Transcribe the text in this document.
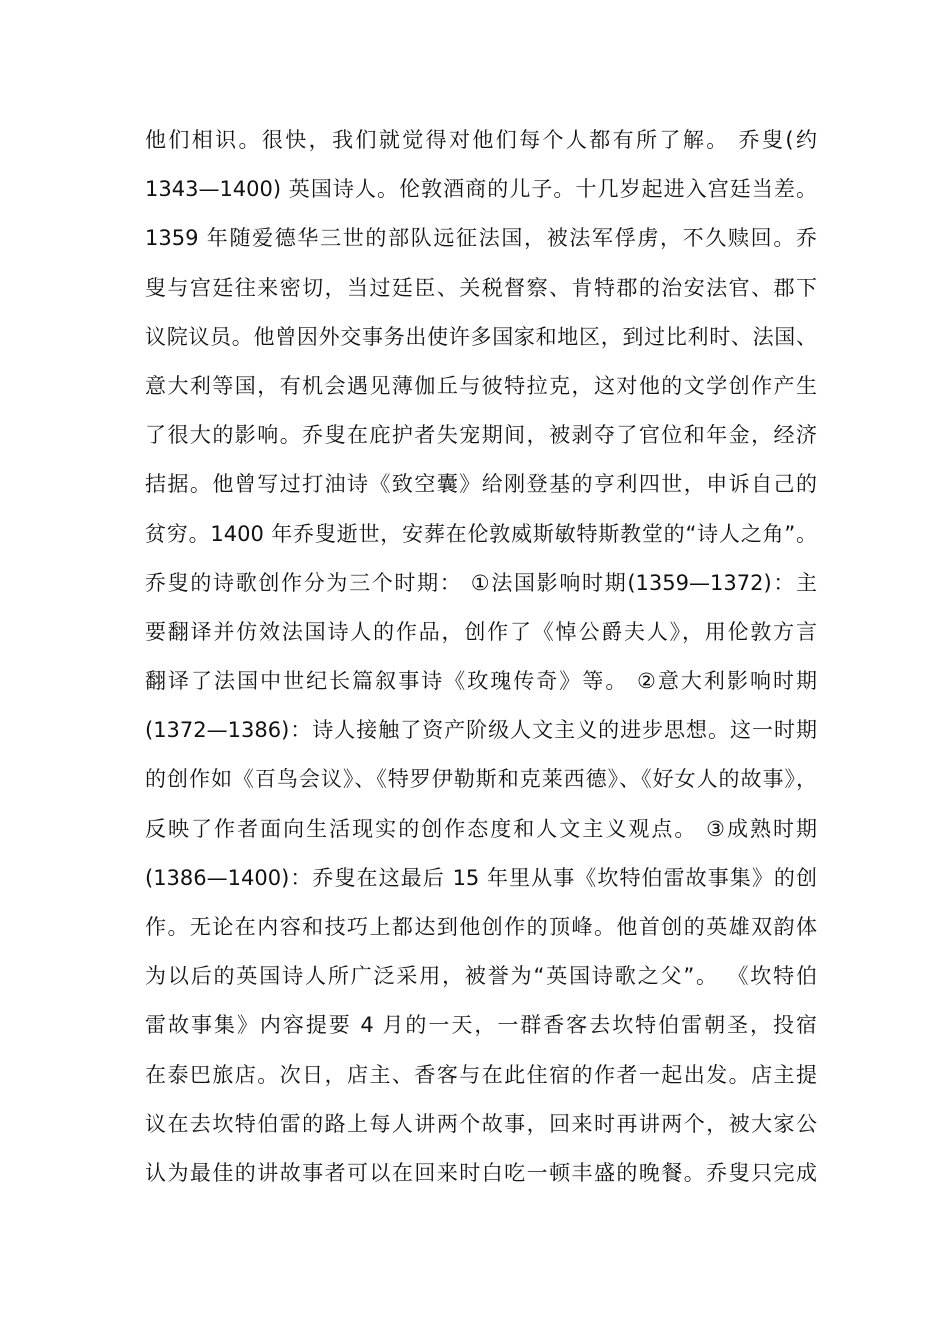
他们相识。很快，我们就觉得对他们每个人都有所了解。 乔叟(约
1343—1400) 英国诗人。伦敦酒商的儿子。十几岁起进入宫廷当差。
1359 年随爱德华三世的部队远征法国，被法军俘虏，不久赎回。乔
叟与宫廷往来密切，当过廷臣、关税督察、肯特郡的治安法官、郡下
议院议员。他曾因外交事务出使许多国家和地区，到过比利时、法国、
意大利等国，有机会遇见薄伽丘与彼特拉克，这对他的文学创作产生
了很大的影响。乔叟在庇护者失宠期间，被剥夺了官位和年金，经济
拮据。他曾写过打油诗《致空囊》给刚登基的亨利四世，申诉自己的
贫穷。1400 年乔叟逝世，安葬在伦敦威斯敏特斯教堂的“诗人之角”。
乔叟的诗歌创作分为三个时期： ①法国影响时期(1359—1372)：主
要翻译并仿效法国诗人的作品，创作了《悼公爵夫人》，用伦敦方言
翻译了法国中世纪长篇叙事诗《玫瑰传奇》等。 ②意大利影响时期
(1372—1386)：诗人接触了资产阶级人文主义的进步思想。这一时期
的创作如《百鸟会议》、《特罗伊勒斯和克莱西德》、《好女人的故事》，
反映了作者面向生活现实的创作态度和人文主义观点。 ③成熟时期
(1386—1400)：乔叟在这最后 15 年里从事《坎特伯雷故事集》的创
作。无论在内容和技巧上都达到他创作的顶峰。他首创的英雄双韵体
为以后的英国诗人所广泛采用，被誉为“英国诗歌之父”。 《坎特伯
雷故事集》内容提要 4 月的一天，一群香客去坎特伯雷朝圣，投宿
在泰巴旅店。次日，店主、香客与在此住宿的作者一起出发。店主提
议在去坎特伯雷的路上每人讲两个故事，回来时再讲两个，被大家公
认为最佳的讲故事者可以在回来时白吃一顿丰盛的晚餐。乔叟只完成
